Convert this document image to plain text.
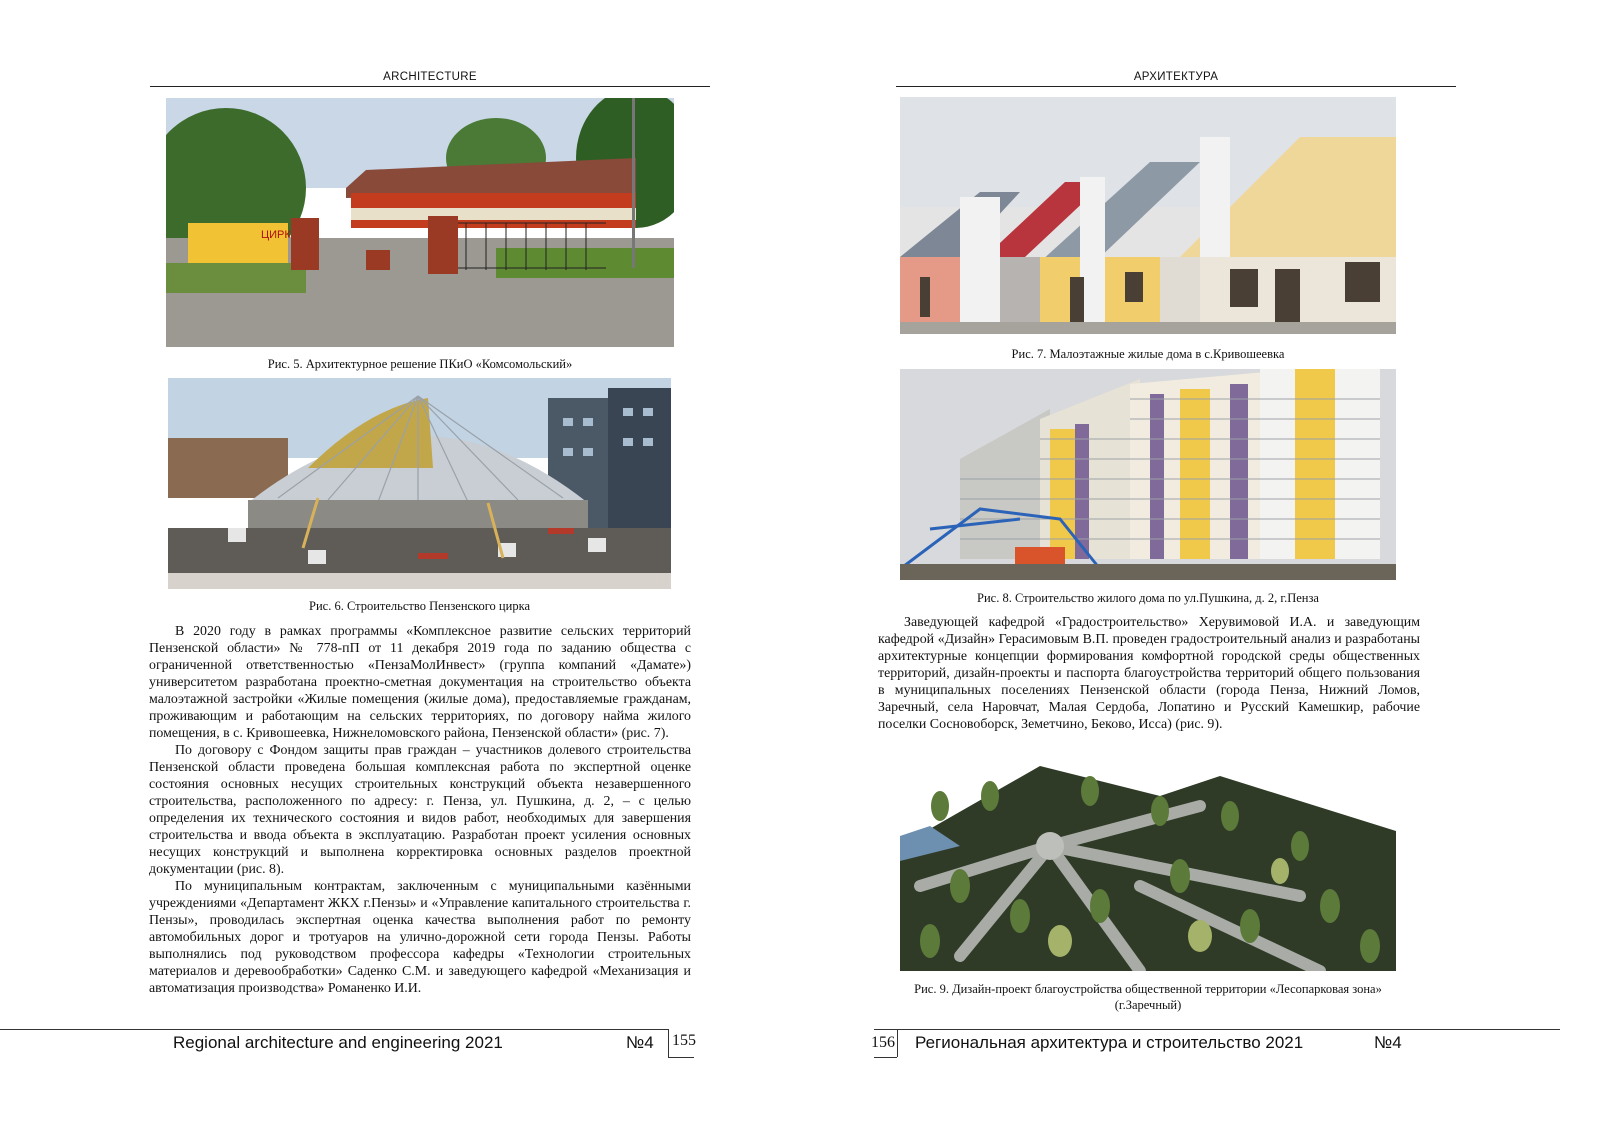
ARCHITECTURE
ЦИРК
Рис. 5. Архитектурное решение ПКиО «Комсомольский»
Рис. 6. Строительство Пензенского цирка

В 2020 году в рамках программы «Комплексное развитие сельских территорий Пензенской области» № 778-пП от 11 декабря 2019 года по заданию общества с ограниченной ответственностью «ПензаМолИнвест» (группа компаний «Дамате») университетом разработана проектно-сметная документация на строительство объекта малоэтажной застройки «Жилые помещения (жилые дома), предоставляемые гражданам, проживающим и работающим на сельских территориях, по договору найма жилого помещения, в с. Кривошеевка, Нижнеломовского района, Пензенской области» (рис. 7).

По договору с Фондом защиты прав граждан – участников долевого строительства Пензенской области проведена большая комплексная работа по экспертной оценке состояния основных несущих строительных конструкций объекта незавершенного строительства, расположенного по адресу: г. Пенза, ул. Пушкина, д. 2, – с целью определения их технического состояния и видов работ, необходимых для завершения строительства и ввода объекта в эксплуатацию. Разработан проект усиления основных несущих конструкций и выполнена корректировка основных разделов проектной документации (рис. 8).

По муниципальным контрактам, заключенным с муниципальными казёнными учреждениями «Департамент ЖКХ г.Пензы» и «Управление капитального строительства г. Пензы», проводилась экспертная оценка качества выполнения работ по ремонту автомобильных дорог и тротуаров на улично-дорожной сети города Пензы. Работы выполнялись под руководством профессора кафедры «Технологии строительных материалов и деревообработки» Саденко С.М. и заведующего кафедрой «Механизация и автоматизация производства» Романенко И.И.

Regional architecture and engineering 2021	№4 155
АРХИТЕКТУРА
Рис. 7. Малоэтажные жилые дома в с.Кривошеевка
Рис. 8. Строительство жилого дома по ул.Пушкина, д. 2, г.Пенза

Заведующей кафедрой «Градостроительство» Херувимовой И.А. и заведующим кафедрой «Дизайн» Герасимовым В.П. проведен градостроительный анализ и разработаны архитектурные концепции формирования комфортной городской среды общественных территорий, дизайн-проекты и паспорта благоустройства территорий общего пользования в муниципальных поселениях Пензенской области (города Пенза, Нижний Ломов, Заречный, села Наровчат, Малая Сердоба, Лопатино и Русский Камешкир, рабочие поселки Сосновоборск, Земетчино, Беково, Исса) (рис. 9).

Рис. 9. Дизайн-проект благоустройства общественной территории «Лесопарковая зона» (г.Заречный)
156 Региональная архитектура и строительство 2021	№4
